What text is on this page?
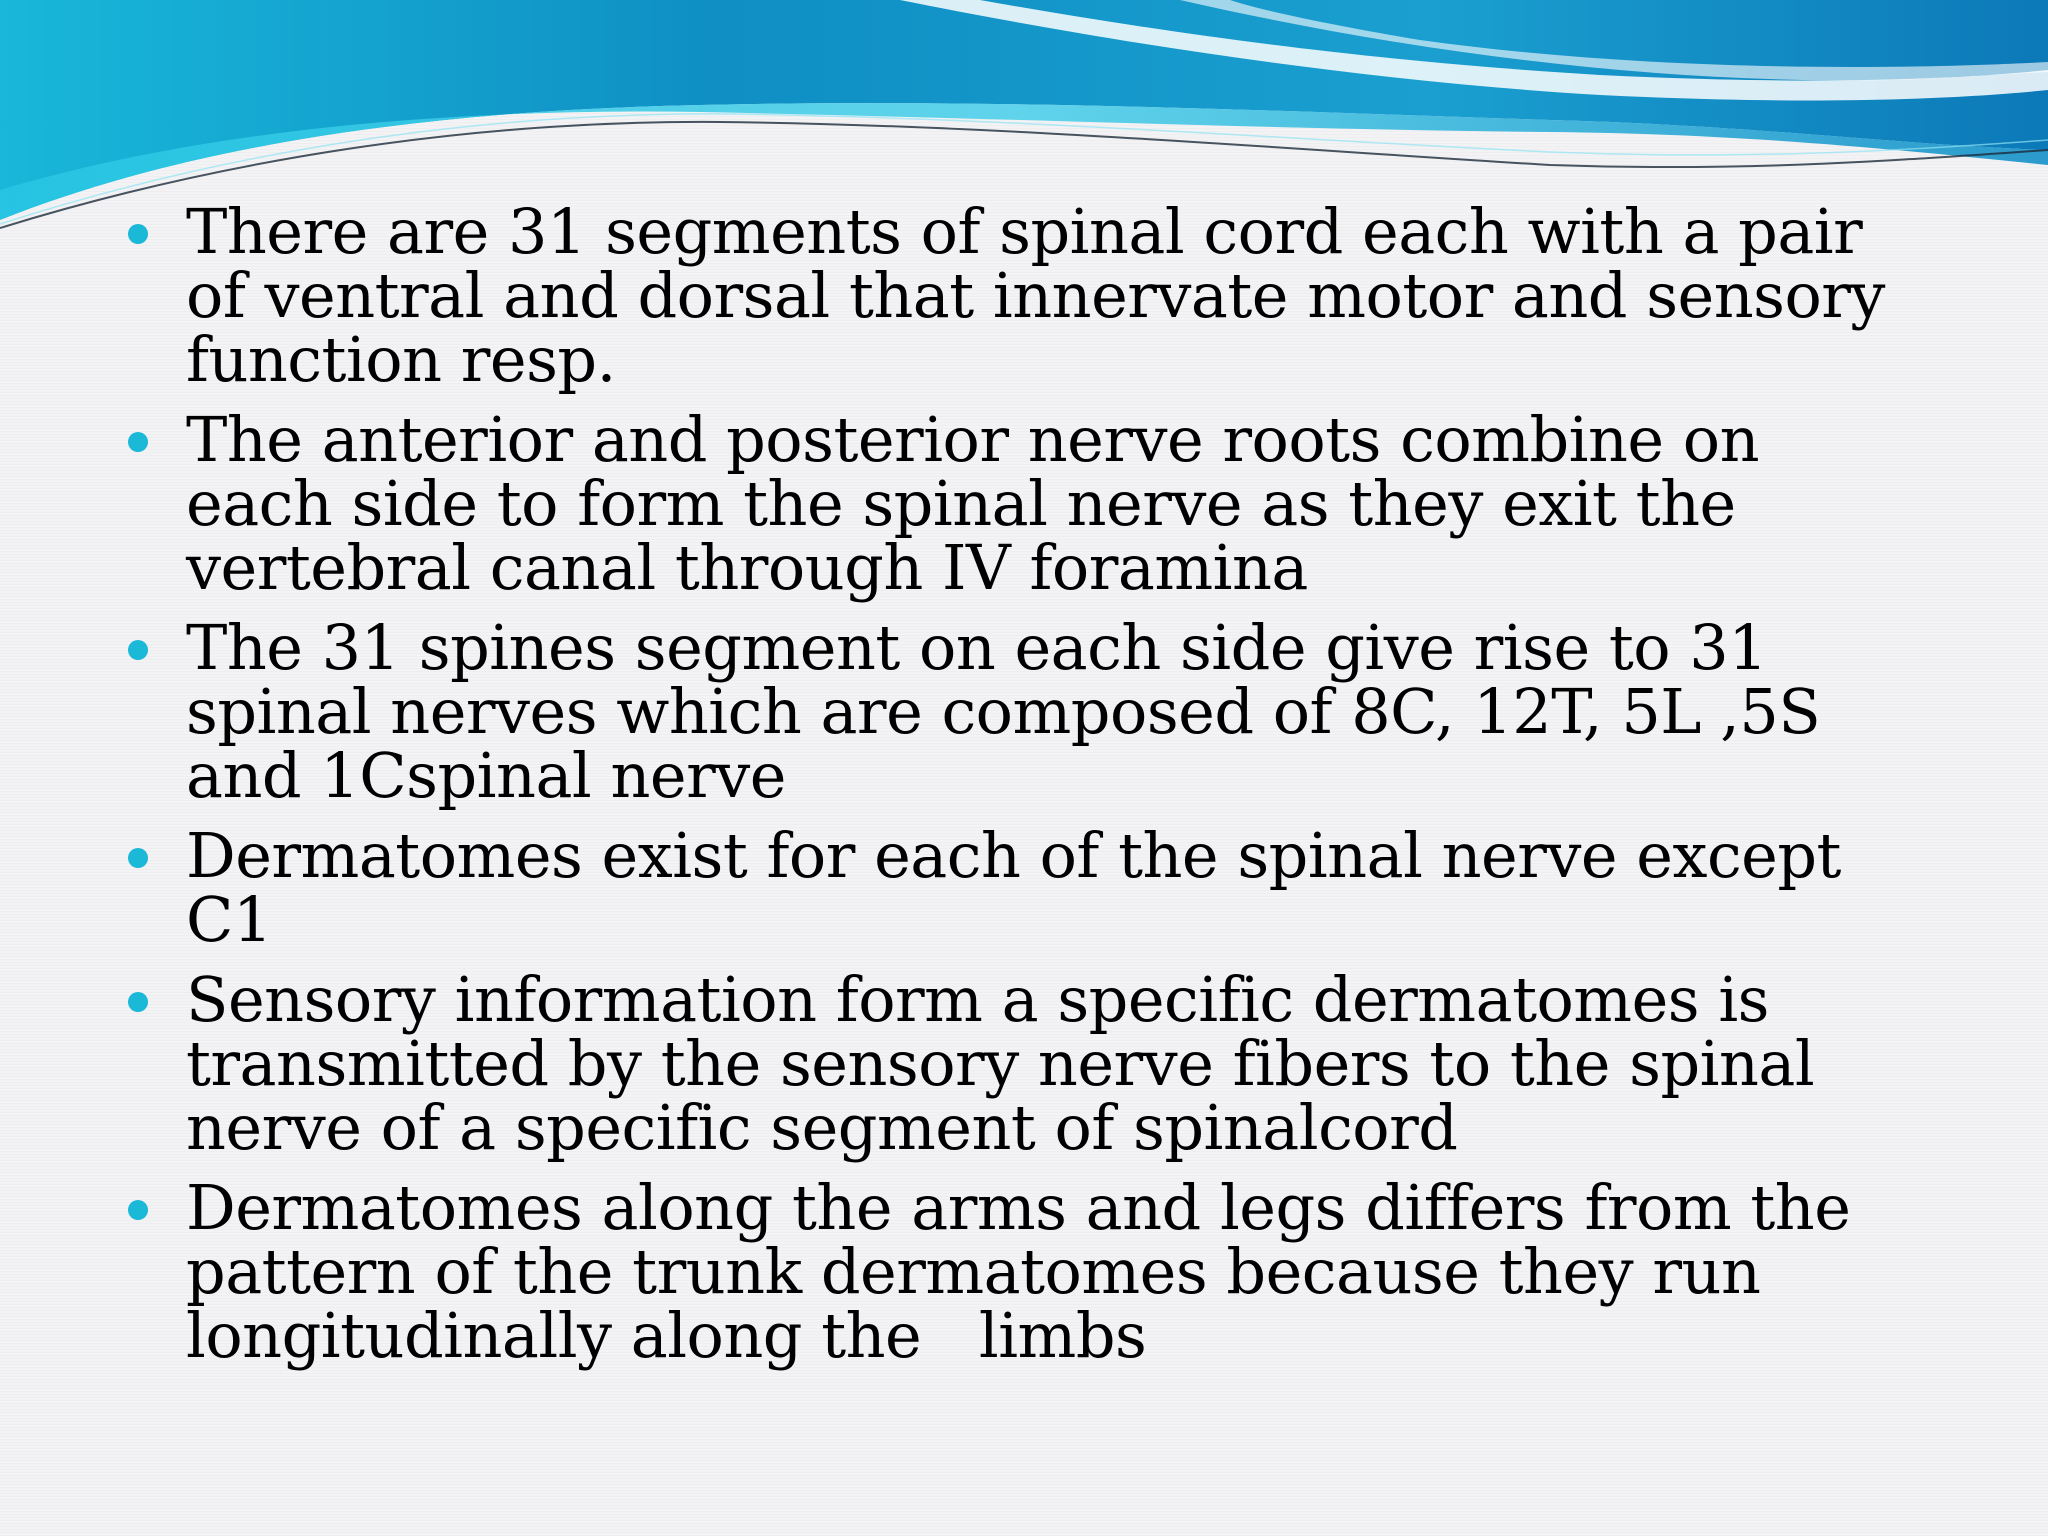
There are 31 segments of spinal cord each with a pair of ventral and dorsal that innervate motor and sensory function resp.
The anterior and posterior nerve roots combine on each side to form the spinal nerve as they exit the vertebral canal through IV foramina
The 31 spines segment on each side give rise to 31 spinal nerves which are composed of 8C, 12T, 5L ,5S and 1Cspinal nerve
Dermatomes exist for each of the spinal nerve except    C1
Sensory information form a specific dermatomes is transmitted by the sensory nerve fibers to the spinal nerve of a specific segment of spinalcord
Dermatomes along the arms and legs differs from the pattern of the trunk dermatomes because they run longitudinally along the   limbs
